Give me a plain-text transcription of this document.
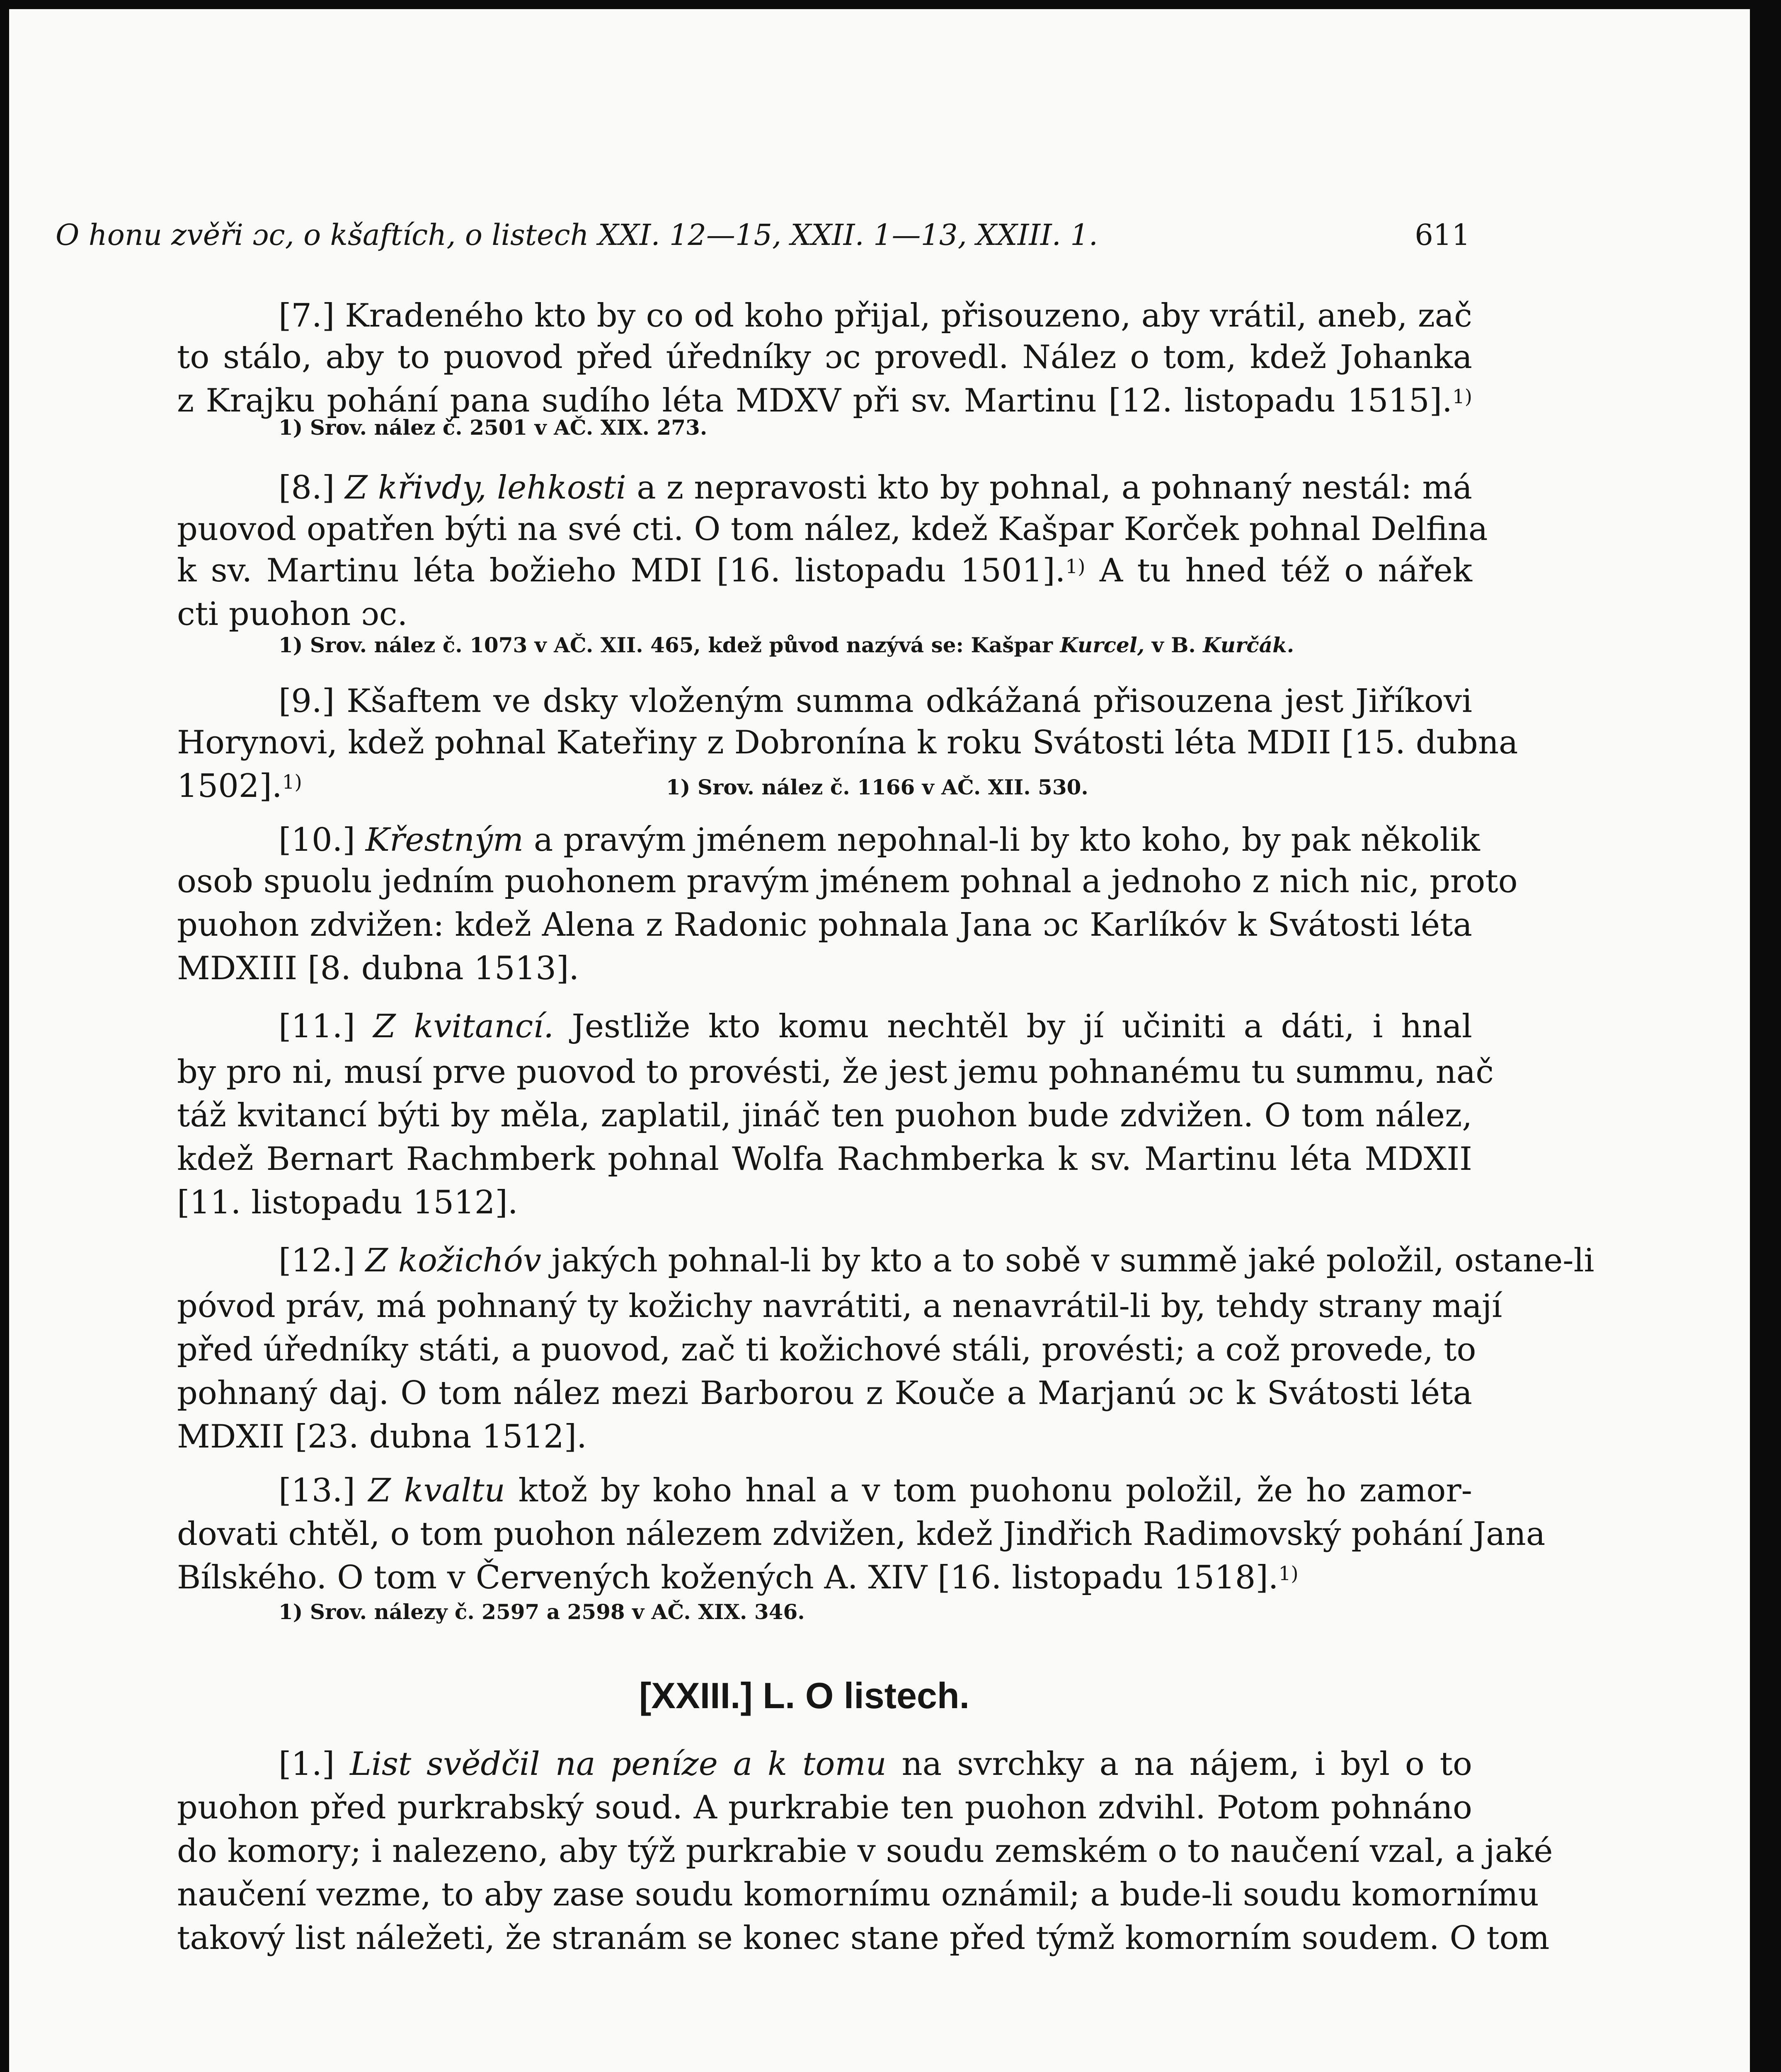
O honu zvěři ɔc, o kšaftích, o listech XXI. 12—15, XXII. 1—13, XXIII. 1.	611
[7.] Kradeného kto by co od koho přijal, přisouzeno, aby vrátil, aneb, zač
to stálo, aby to puovod před úředníky ɔc provedl. Nález o tom, kdež Johanka
z Krajku pohání pana sudího léta MDXV při sv. Martinu [12. listopadu 1515].$^{1)}$
1) Srov. nález č. 2501 v AČ. XIX. 273.
[8.] Z křivdy, lehkosti a z nepravosti kto by pohnal, a pohnaný nestál: má
puovod opatřen býti na své cti. O tom nález, kdež Kašpar Korček pohnal Delfina
k sv. Martinu léta božieho MDI [16. listopadu 1501].$^{1)}$ A tu hned též o nářek
cti puohon ɔc.
1) Srov. nález č. 1073 v AČ. XII. 465, kdež původ nazývá se: Kašpar Kurcel, v B. Kurčák.
[9.] Kšaftem ve dsky vloženým summa odkážaná přisouzena jest Jiříkovi
Horynovi, kdež pohnal Kateřiny z Dobronína k roku Svátosti léta MDII [15. dubna
1502].$^{1)}$	1) Srov. nález č. 1166 v AČ. XII. 530.
[10.] Křestným a pravým jménem nepohnal-li by kto koho, by pak několik
osob spuolu jedním puohonem pravým jménem pohnal a jednoho z nich nic, proto
puohon zdvižen: kdež Alena z Radonic pohnala Jana ɔc Karlíkóv k Svátosti léta
MDXIII [8. dubna 1513].
[11.] Z kvitancí. Jestliže kto komu nechtěl by jí učiniti a dáti, i hnal
by pro ni, musí prve puovod to provésti, že jest jemu pohnanému tu summu, nač
táž kvitancí býti by měla, zaplatil, jináč ten puohon bude zdvižen. O tom nález,
kdež Bernart Rachmberk pohnal Wolfa Rachmberka k sv. Martinu léta MDXII
[11. listopadu 1512].
[12.] Z kožichóv jakých pohnal-li by kto a to sobě v summě jaké položil, ostane-li
póvod práv, má pohnaný ty kožichy navrátiti, a nenavrátil-li by, tehdy strany mají
před úředníky státi, a puovod, zač ti kožichové stáli, provésti; a což provede, to
pohnaný daj. O tom nález mezi Barborou z Kouče a Marjanú ɔc k Svátosti léta
MDXII [23. dubna 1512].
[13.] Z kvaltu ktož by koho hnal a v tom puohonu položil, že ho zamor-
dovati chtěl, o tom puohon nálezem zdvižen, kdež Jindřich Radimovský pohání Jana
Bílského. O tom v Červených kožených A. XIV [16. listopadu 1518].$^{1)}$
1) Srov. nálezy č. 2597 a 2598 v AČ. XIX. 346.
[XXIII.] L. O listech.
[1.] List svědčil na peníze a k tomu na svrchky a na nájem, i byl o to
puohon před purkrabský soud. A purkrabie ten puohon zdvihl. Potom pohnáno
do komory; i nalezeno, aby týž purkrabie v soudu zemském o to naučení vzal, a jaké
naučení vezme, to aby zase soudu komornímu oznámil; a bude-li soudu komornímu
takový list náležeti, že stranám se konec stane před týmž komorním soudem. O tom
